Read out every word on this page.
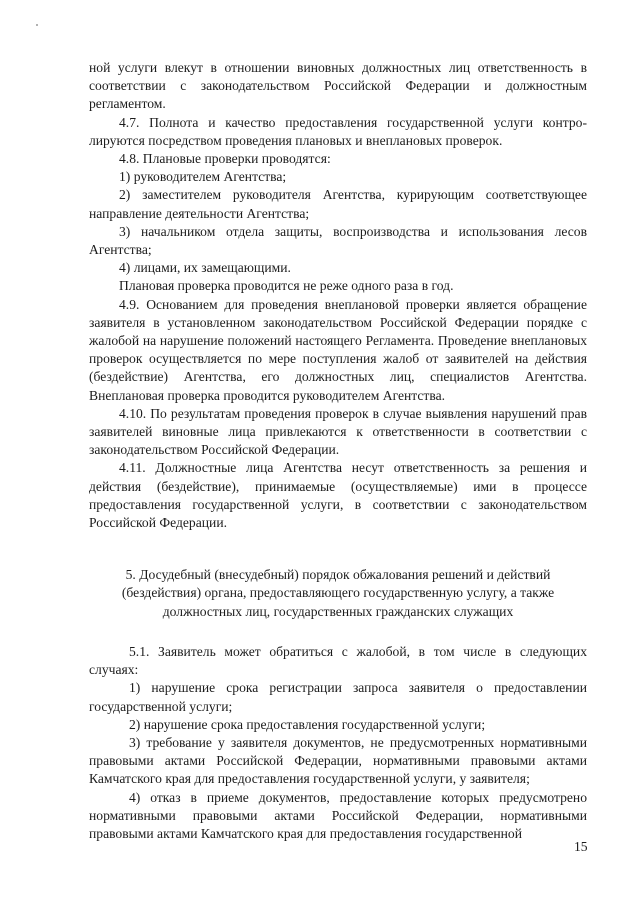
ной услуги влекут в отношении виновных должностных лиц ответственность в соответствии с законодательством Российской Федерации и должностным регламентом.

4.7. Полнота и качество предоставления государственной услуги контролируются посредством проведения плановых и внеплановых проверок.

4.8. Плановые проверки проводятся:

1) руководителем Агентства;

2) заместителем руководителя Агентства, курирующим соответствующее направление деятельности Агентства;

3) начальником отдела защиты, воспроизводства и использования лесов Агентства;

4) лицами, их замещающими.

Плановая проверка проводится не реже одного раза в год.

4.9. Основанием для проведения внеплановой проверки является обращение заявителя в установленном законодательством Российской Федерации порядке с жалобой на нарушение положений настоящего Регламента. Проведение внеплановых проверок осуществляется по мере поступления жалоб от заявителей на действия (бездействие) Агентства, его должностных лиц, специалистов Агентства. Внеплановая проверка проводится руководителем Агентства.

4.10. По результатам проведения проверок в случае выявления нарушений прав заявителей виновные лица привлекаются к ответственности в соответствии с законодательством Российской Федерации.

4.11. Должностные лица Агентства несут ответственность за решения и действия (бездействие), принимаемые (осуществляемые) ими в процессе предоставления государственной услуги, в соответствии с законодательством Российской Федерации.

5. Досудебный (внесудебный) порядок обжалования решений и действий

(бездействия) органа, предоставляющего государственную услугу, а также

должностных лиц, государственных гражданских служащих

5.1. Заявитель может обратиться с жалобой, в том числе в следующих случаях:

1) нарушение срока регистрации запроса заявителя о предоставлении государственной услуги;

2) нарушение срока предоставления государственной услуги;

3) требование у заявителя документов, не предусмотренных нормативными правовыми актами Российской Федерации, нормативными правовыми актами Камчатского края для предоставления государственной услуги, у заявителя;

4) отказ в приеме документов, предоставление которых предусмотрено нормативными правовыми актами Российской Федерации, нормативными правовыми актами Камчатского края для предоставления государственной

15
